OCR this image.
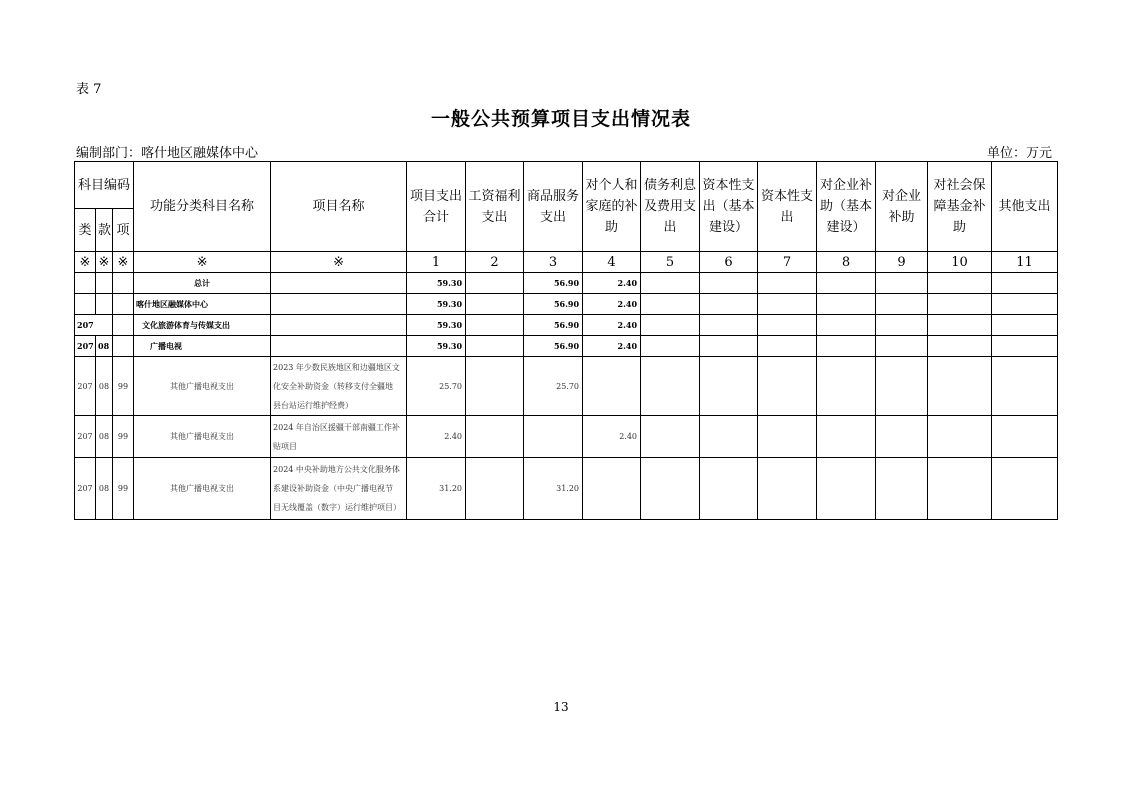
表 7
一般公共预算项目支出情况表
编制部门：喀什地区融媒体中心	单位：万元
科目编码			功能分类科目名称	项目名称	项目支出合计	工资福利支出	商品服务支出	对个人和家庭的补助	债务利息及费用支出	资本性支出（基本建设）	资本性支出	对企业补助（基本建设）	对企业补助	对社会保障基金补助	其他支出
类	款	项													
※	※	※	※	※	1	2	3	4	5	6	7	8	9	10	11
			总计		59.30		56.90	2.40							
			喀什地区融媒体中心		59.30		56.90	2.40							
207			文化旅游体育与传媒支出		59.30		56.90	2.40							
207	08		广播电视		59.30		56.90	2.40							
207	08	99	其他广播电视支出	2023 年少数民族地区和边疆地区文
化安全补助资金（转移支付全疆地
县台站运行维护经费）	25.70		25.70								
207	08	99	其他广播电视支出	2024 年自治区援疆干部南疆工作补
贴项目	2.40			2.40							
207	08	99	其他广播电视支出	2024 中央补助地方公共文化服务体
系建设补助资金（中央广播电视节
目无线覆盖（数字）运行维护项目）	31.20		31.20								
13
